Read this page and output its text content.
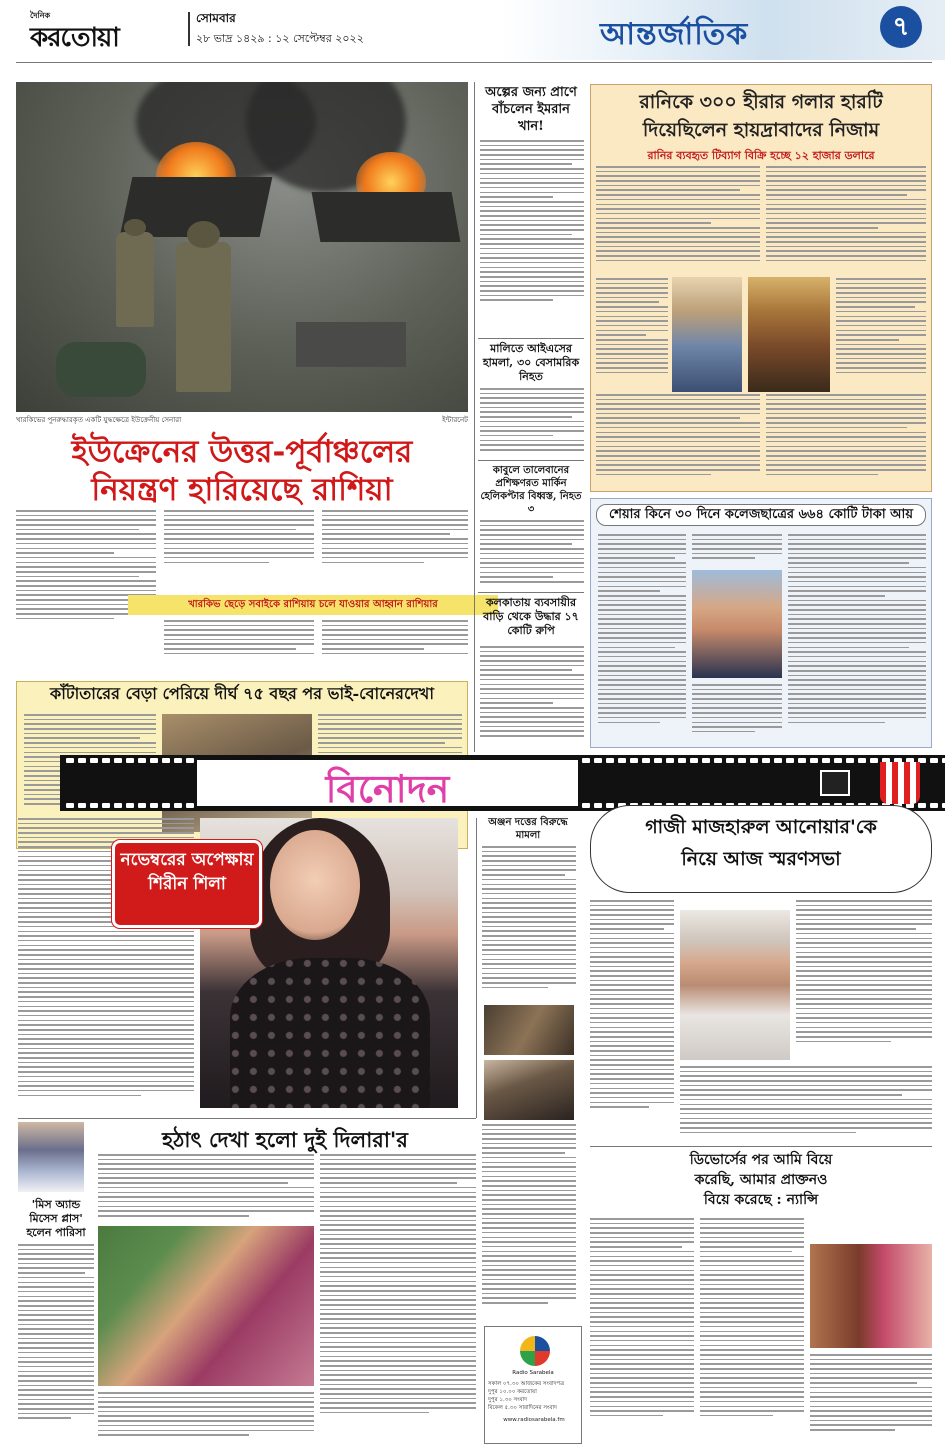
দৈনিক
করতোয়া
সোমবার
২৮ ভাদ্র ১৪২৯ : ১২ সেপ্টেম্বর ২০২২	আন্তর্জাতিক	৭
খারকিভের পুনরুদ্ধারকৃত একটি যুদ্ধক্ষেত্রে ইউক্রেনীয় সেনারা	ইন্টারনেট
ইউক্রেনের উত্তর-পূর্বাঞ্চলের
নিয়ন্ত্রণ হারিয়েছে রাশিয়া
খারকিভ ছেড়ে সবাইকে রাশিয়ায় চলে যাওয়ার আহ্বান রাশিয়ার
কাঁটাতারের বেড়া পেরিয়ে দীর্ঘ ৭৫ বছর পর ভাই-বোনেরদেখা
অল্পের জন্য প্রাণে বাঁচলেন ইমরান খান!
মালিতে আইএসের হামলা, ৩০ বেসামরিক নিহত
কাবুলে তালেবানের প্রশিক্ষণরত মার্কিন হেলিকপ্টার বিধ্বস্ত, নিহত ৩
কলকাতায় ব্যবসায়ীর বাড়ি থেকে উদ্ধার ১৭ কোটি রুপি
রানিকে ৩০০ হীরার গলার হারটি
দিয়েছিলেন হায়দ্রাবাদের নিজাম
রানির ব্যবহৃত টিব্যাগ বিক্রি হচ্ছে ১২ হাজার ডলারে
শেয়ার কিনে ৩০ দিনে কলেজছাত্রের ৬৬৪ কোটি টাকা আয়
বিনোদন
নভেম্বরের অপেক্ষায় শিরীন শিলা
অঞ্জন দত্তের বিরুদ্ধে মামলা	গাজী মাজহারুল আনোয়ার'কে
নিয়ে আজ স্মরণসভা
'মিস অ্যান্ড মিসেস প্লাস' হলেন পারিসা
হঠাৎ দেখা হলো দুই দিলারা'র
ডিভোর্সের পর আমি বিয়ে
করেছি, আমার প্রাক্তনও
বিয়ে করেছে : ন্যান্সি
Radio Sarabela
সকাল ০৭.৩০ আজকের সংবাদপত্র
দুপুর ১০.০০ করতোয়া
দুপুর ১.৩০ সংবাদ
বিকেল ৫.৩০ সারাদিনের সংবাদ
www.radiosarabela.fm
